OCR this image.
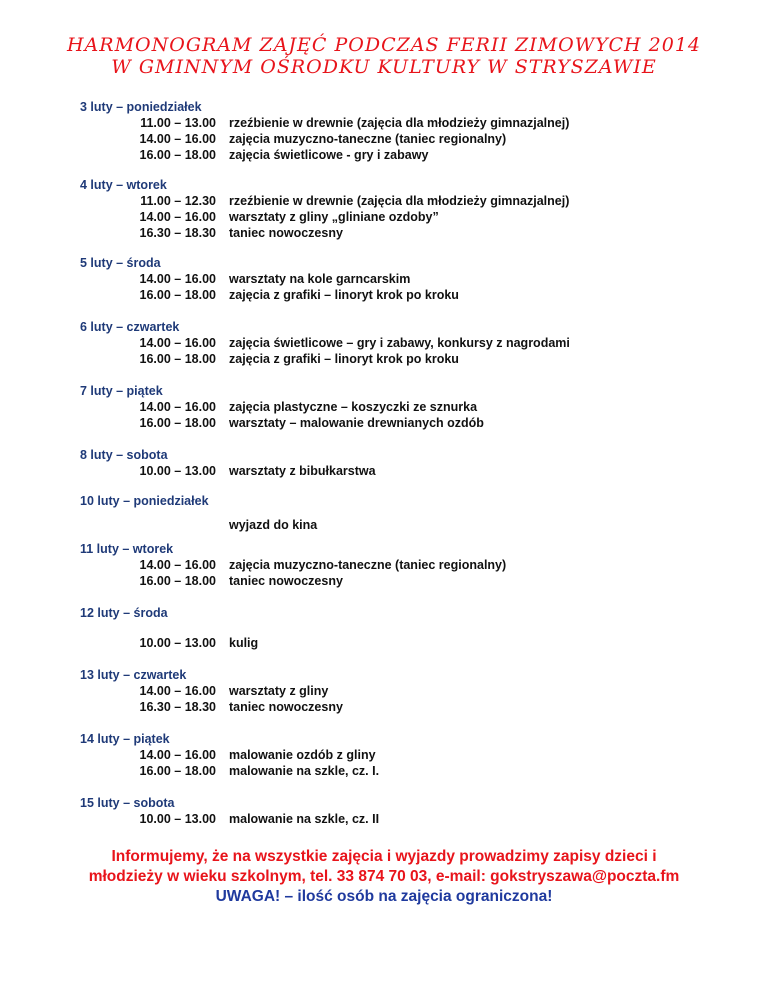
HARMONOGRAM ZAJĘĆ PODCZAS FERII ZIMOWYCH 2014
W GMINNYM OŚRODKU KULTURY W STRYSZAWIE
3 luty – poniedziałek
11.00 – 13.00 rzeźbienie w drewnie (zajęcia dla młodzieży gimnazjalnej)
14.00 – 16.00 zajęcia muzyczno-taneczne (taniec regionalny)
16.00 – 18.00 zajęcia świetlicowe - gry i zabawy
4 luty – wtorek
11.00 – 12.30 rzeźbienie w drewnie (zajęcia dla młodzieży gimnazjalnej)
14.00 – 16.00 warsztaty z gliny „gliniane ozdoby”
16.30 – 18.30 taniec nowoczesny
5 luty – środa
14.00 – 16.00 warsztaty na kole garncarskim
16.00 – 18.00 zajęcia z grafiki – linoryt krok po kroku
6 luty – czwartek
14.00 – 16.00 zajęcia świetlicowe – gry i zabawy, konkursy z nagrodami
16.00 – 18.00 zajęcia z grafiki – linoryt krok po kroku
7 luty – piątek
14.00 – 16.00 zajęcia plastyczne – koszyczki ze sznurka
16.00 – 18.00 warsztaty – malowanie drewnianych ozdób
8 luty – sobota
10.00 – 13.00 warsztaty z bibułkarstwa
10 luty – poniedziałek
wyjazd do kina
11 luty – wtorek
14.00 – 16.00 zajęcia muzyczno-taneczne (taniec regionalny)
16.00 – 18.00 taniec nowoczesny
12 luty – środa
10.00 – 13.00 kulig
13 luty – czwartek
14.00 – 16.00 warsztaty z gliny
16.30 – 18.30 taniec nowoczesny
14 luty – piątek
14.00 – 16.00 malowanie ozdób z gliny
16.00 – 18.00 malowanie na szkle, cz. I.
15 luty – sobota
10.00 – 13.00 malowanie na szkle, cz. II
Informujemy, że na wszystkie zajęcia i wyjazdy prowadzimy zapisy dzieci i
młodzieży w wieku szkolnym, tel. 33 874 70 03, e-mail: gokstryszawa@poczta.fm
UWAGA! – ilość osób na zajęcia ograniczona!
